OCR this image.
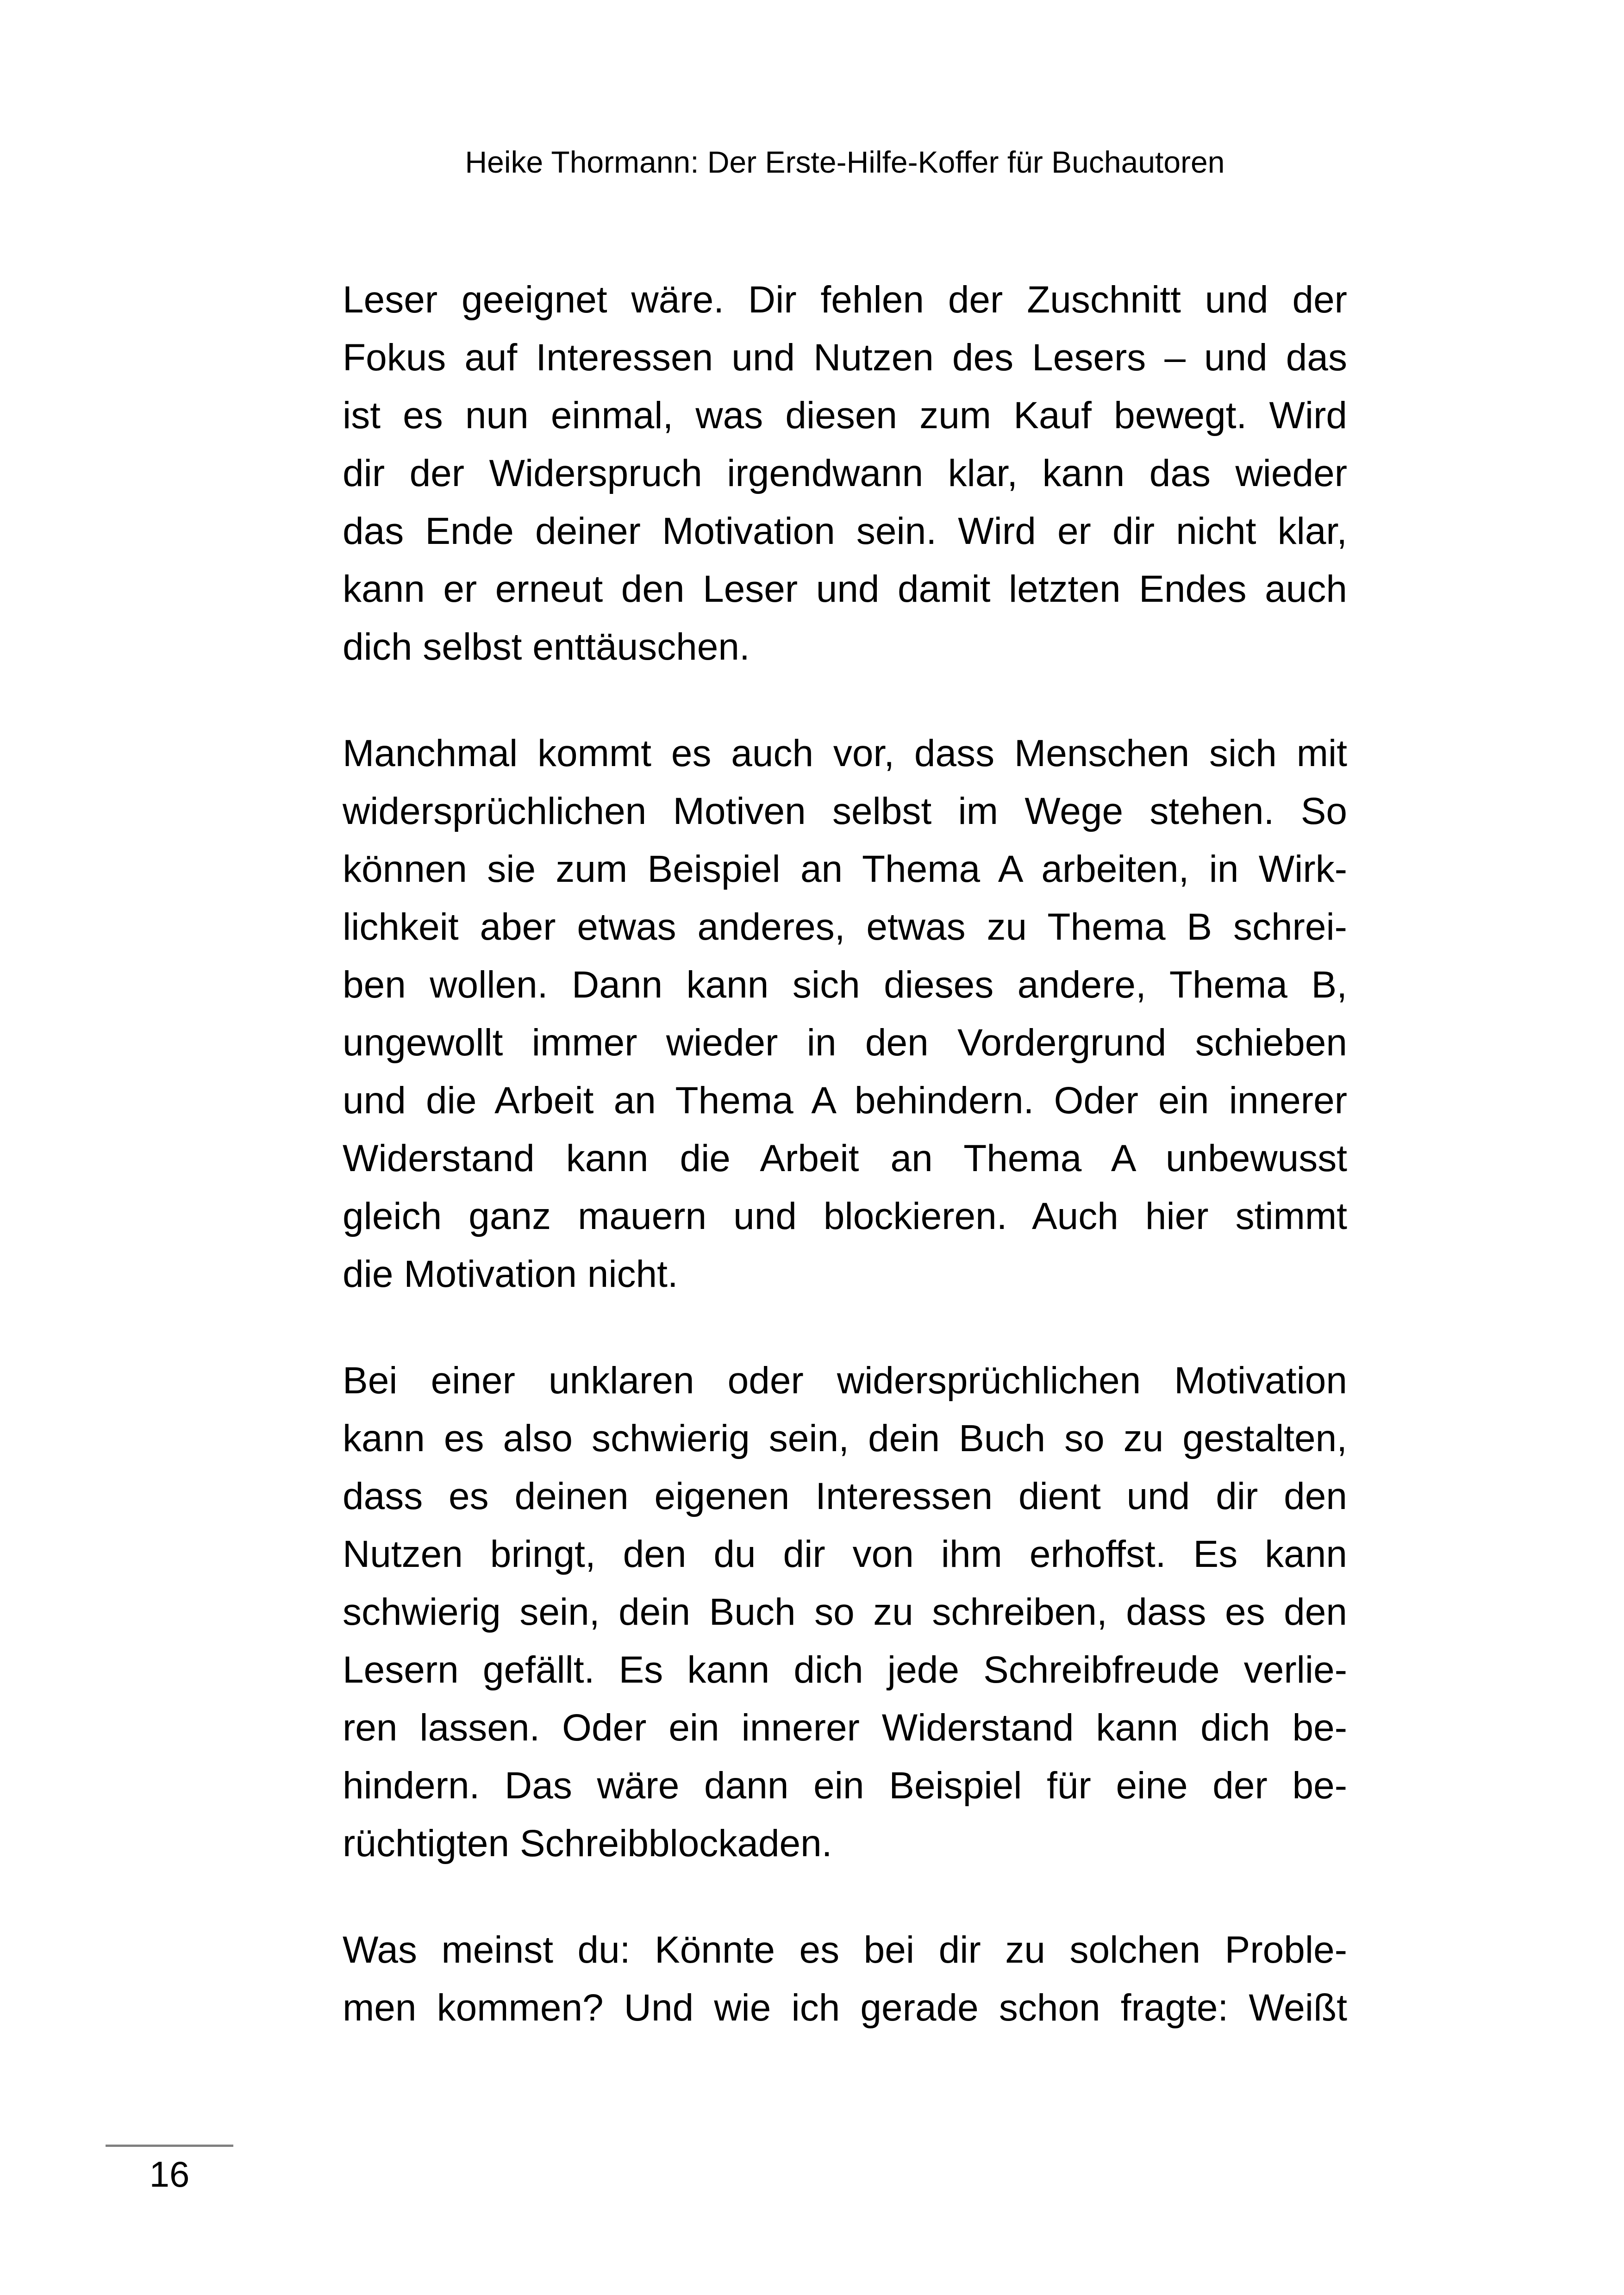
Heike Thormann: Der Erste-Hilfe-Koffer für Buchautoren
Leser geeignet wäre. Dir fehlen der Zuschnitt und der
Fokus auf Interessen und Nutzen des Lesers – und das
ist es nun einmal, was diesen zum Kauf bewegt. Wird
dir der Widerspruch irgendwann klar, kann das wieder
das Ende deiner Motivation sein. Wird er dir nicht klar,
kann er erneut den Leser und damit letzten Endes auch
dich selbst enttäuschen.
Manchmal kommt es auch vor, dass Menschen sich mit
widersprüchlichen Motiven selbst im Wege stehen. So
können sie zum Beispiel an Thema A arbeiten, in Wirk-
lichkeit aber etwas anderes, etwas zu Thema B schrei-
ben wollen. Dann kann sich dieses andere, Thema B,
ungewollt immer wieder in den Vordergrund schieben
und die Arbeit an Thema A behindern. Oder ein innerer
Widerstand kann die Arbeit an Thema A unbewusst
gleich ganz mauern und blockieren. Auch hier stimmt
die Motivation nicht.
Bei einer unklaren oder widersprüchlichen Motivation
kann es also schwierig sein, dein Buch so zu gestalten,
dass es deinen eigenen Interessen dient und dir den
Nutzen bringt, den du dir von ihm erhoffst. Es kann
schwierig sein, dein Buch so zu schreiben, dass es den
Lesern gefällt. Es kann dich jede Schreibfreude verlie-
ren lassen. Oder ein innerer Widerstand kann dich be-
hindern. Das wäre dann ein Beispiel für eine der be-
rüchtigten Schreibblockaden.
Was meinst du: Könnte es bei dir zu solchen Proble-
men kommen? Und wie ich gerade schon fragte: Weißt
16
